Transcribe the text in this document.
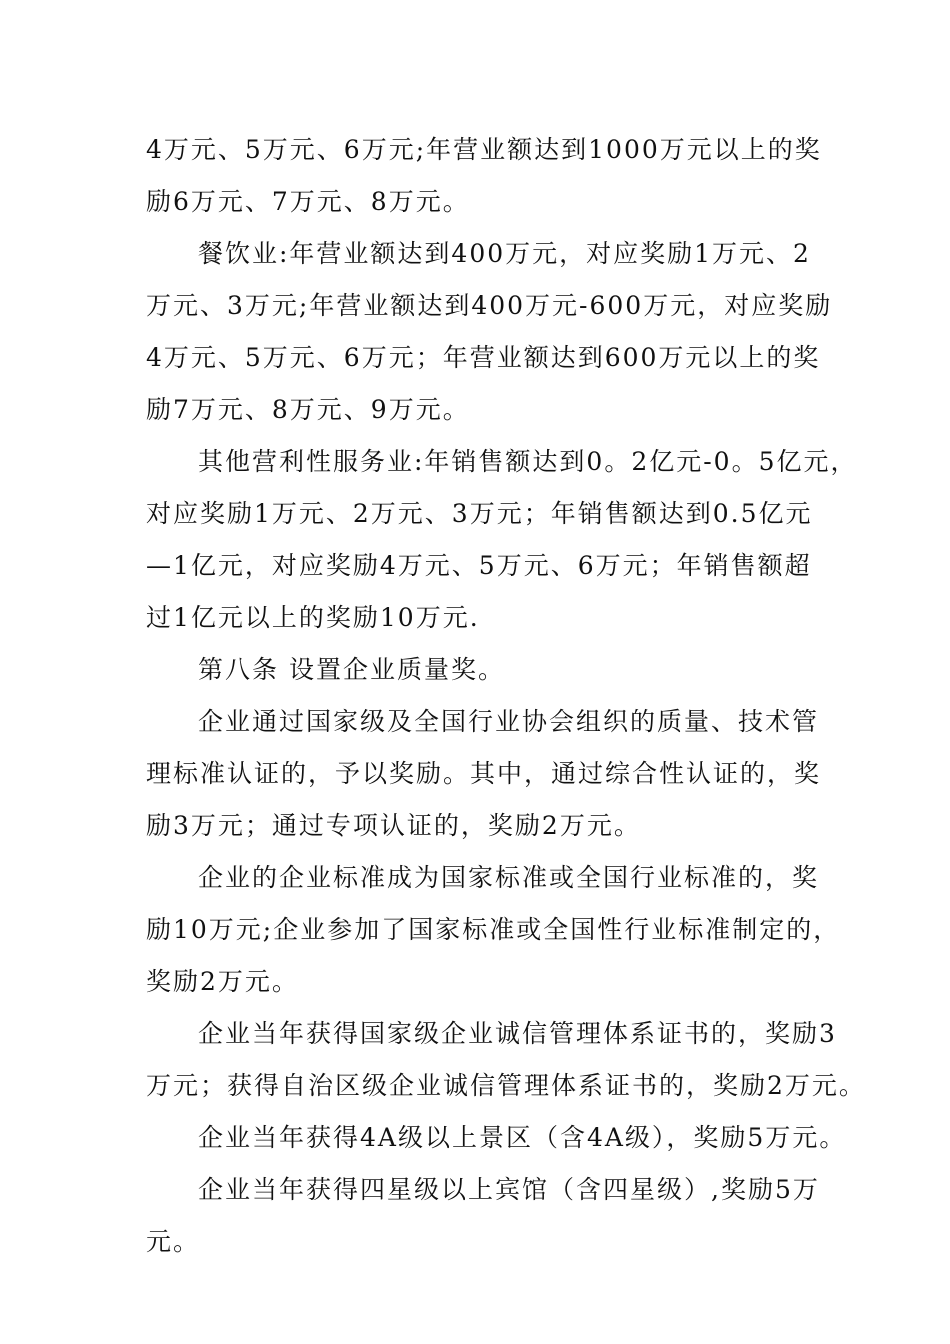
4万元、5万元、6万元;年营业额达到1000万元以上的奖
励6万元、7万元、8万元。
餐饮业:年营业额达到400万元，对应奖励1万元、2
万元、3万元;年营业额达到400万元-600万元，对应奖励
4万元、5万元、6万元；年营业额达到600万元以上的奖
励7万元、8万元、9万元。
其他营利性服务业:年销售额达到0。2亿元-0。5亿元，
对应奖励1万元、2万元、3万元；年销售额达到0.5亿元
—1亿元，对应奖励4万元、5万元、6万元；年销售额超
过1亿元以上的奖励10万元.
第八条 设置企业质量奖。
企业通过国家级及全国行业协会组织的质量、技术管
理标准认证的，予以奖励。其中，通过综合性认证的，奖
励3万元；通过专项认证的，奖励2万元。
企业的企业标准成为国家标准或全国行业标准的，奖
励10万元;企业参加了国家标准或全国性行业标准制定的，
奖励2万元。
企业当年获得国家级企业诚信管理体系证书的，奖励3
万元；获得自治区级企业诚信管理体系证书的，奖励2万元。
企业当年获得4A级以上景区（含4A级），奖励5万元。
企业当年获得四星级以上宾馆（含四星级）,奖励5万
元。
